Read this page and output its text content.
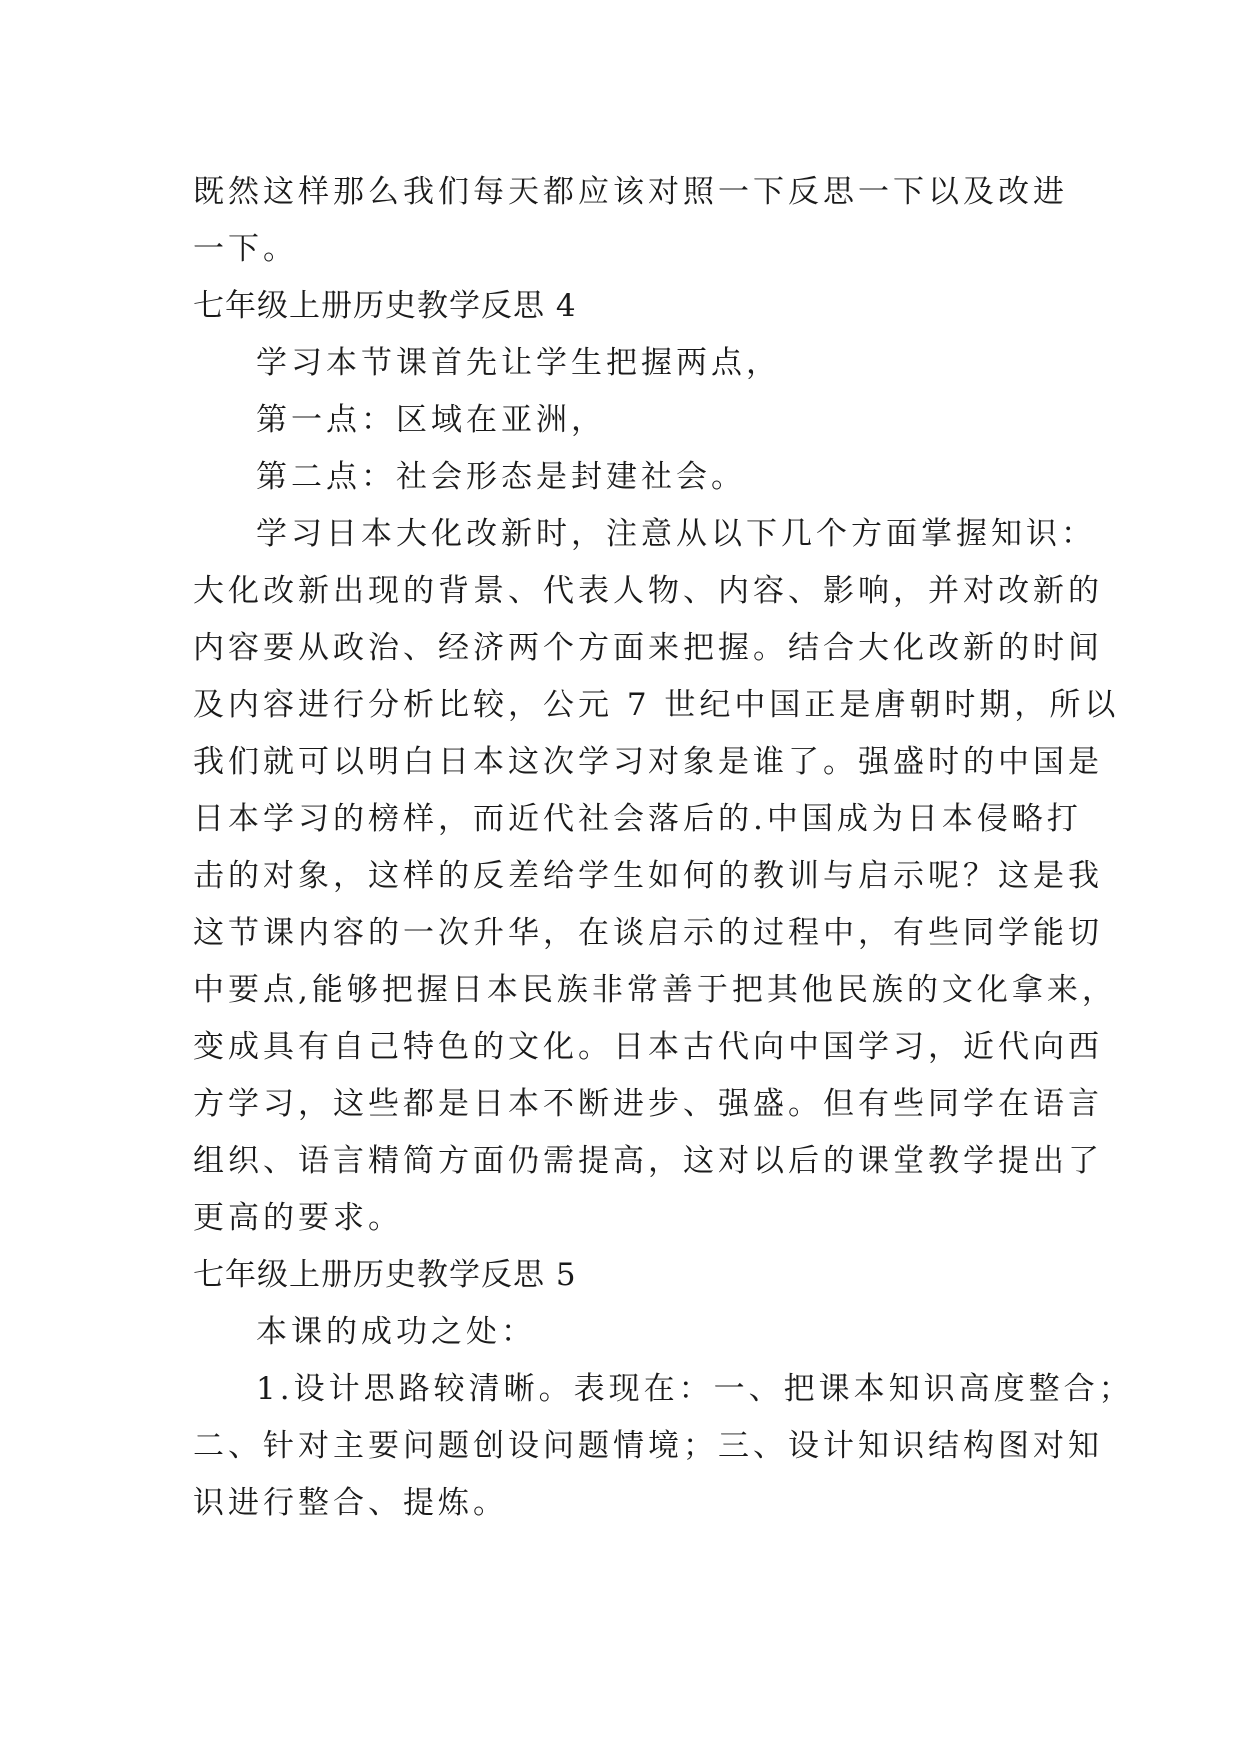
既然这样那么我们每天都应该对照一下反思一下以及改进
一下。
七年级上册历史教学反思 4
学习本节课首先让学生把握两点，
第一点：区域在亚洲，
第二点：社会形态是封建社会。
学习日本大化改新时，注意从以下几个方面掌握知识：
大化改新出现的背景、代表人物、内容、影响，并对改新的
内容要从政治、经济两个方面来把握。结合大化改新的时间
及内容进行分析比较，公元 7 世纪中国正是唐朝时期，所以
我们就可以明白日本这次学习对象是谁了。强盛时的中国是
日本学习的榜样，而近代社会落后的.中国成为日本侵略打
击的对象，这样的反差给学生如何的教训与启示呢？这是我
这节课内容的一次升华，在谈启示的过程中，有些同学能切
中要点,能够把握日本民族非常善于把其他民族的文化拿来，
变成具有自己特色的文化。日本古代向中国学习，近代向西
方学习，这些都是日本不断进步、强盛。但有些同学在语言
组织、语言精简方面仍需提高，这对以后的课堂教学提出了
更高的要求。
七年级上册历史教学反思 5
本课的成功之处：
1.设计思路较清晰。表现在：一、把课本知识高度整合；
二、针对主要问题创设问题情境；三、设计知识结构图对知
识进行整合、提炼。
